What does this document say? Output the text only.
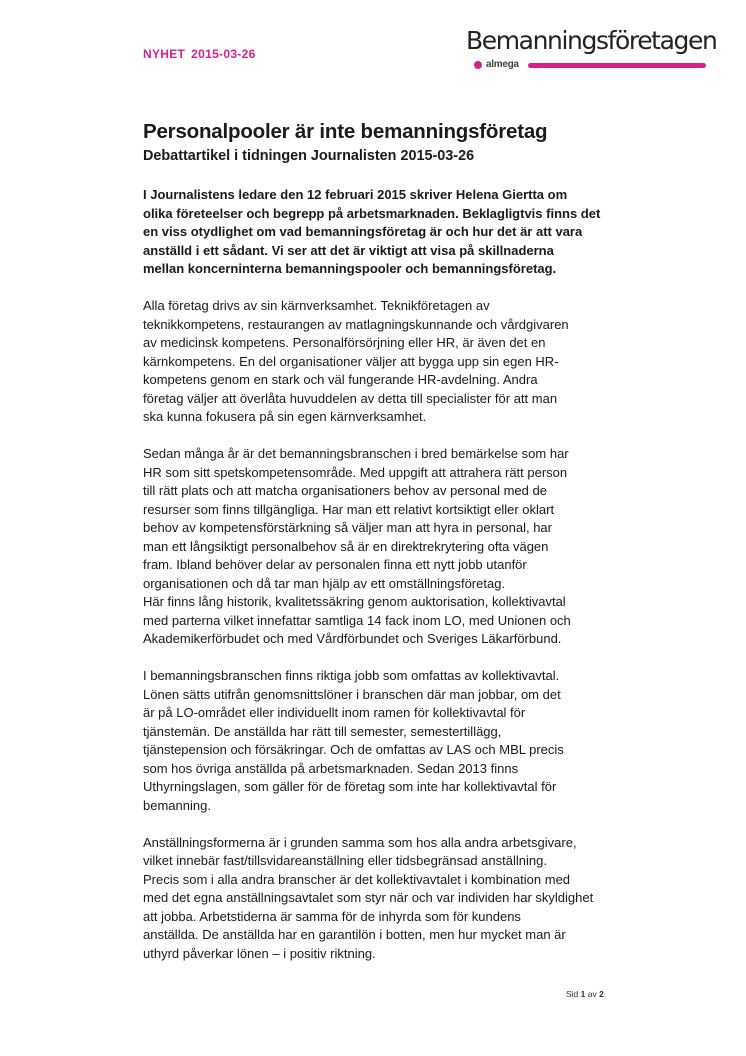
NYHET 2015-03-26	Bemanningsföretagen
almega
Personalpooler är inte bemanningsföretag
Debattartikel i tidningen Journalisten 2015-03-26

I Journalistens ledare den 12 februari 2015 skriver Helena Giertta om
olika företeelser och begrepp på arbetsmarknaden. Beklagligtvis finns det
en viss otydlighet om vad bemanningsföretag är och hur det är att vara
anställd i ett sådant. Vi ser att det är viktigt att visa på skillnaderna
mellan koncerninterna bemanningspooler och bemanningsföretag.

Alla företag drivs av sin kärnverksamhet. Teknikföretagen av
teknikkompetens, restaurangen av matlagningskunnande och vårdgivaren
av medicinsk kompetens. Personalförsörjning eller HR, är även det en
kärnkompetens. En del organisationer väljer att bygga upp sin egen HR-
kompetens genom en stark och väl fungerande HR-avdelning. Andra
företag väljer att överlåta huvuddelen av detta till specialister för att man
ska kunna fokusera på sin egen kärnverksamhet.

Sedan många år är det bemanningsbranschen i bred bemärkelse som har
HR som sitt spetskompetensområde. Med uppgift att attrahera rätt person
till rätt plats och att matcha organisationers behov av personal med de
resurser som finns tillgängliga. Har man ett relativt kortsiktigt eller oklart
behov av kompetensförstärkning så väljer man att hyra in personal, har
man ett långsiktigt personalbehov så är en direktrekrytering ofta vägen
fram. Ibland behöver delar av personalen finna ett nytt jobb utanför
organisationen och då tar man hjälp av ett omställningsföretag.
Här finns lång historik, kvalitetssäkring genom auktorisation, kollektivavtal
med parterna vilket innefattar samtliga 14 fack inom LO, med Unionen och
Akademikerförbudet och med Vårdförbundet och Sveriges Läkarförbund.

I bemanningsbranschen finns riktiga jobb som omfattas av kollektivavtal.
Lönen sätts utifrån genomsnittslöner i branschen där man jobbar, om det
är på LO-området eller individuellt inom ramen för kollektivavtal för
tjänstemän. De anställda har rätt till semester, semestertillägg,
tjänstepension och försäkringar. Och de omfattas av LAS och MBL precis
som hos övriga anställda på arbetsmarknaden. Sedan 2013 finns
Uthyrningslagen, som gäller för de företag som inte har kollektivavtal för
bemanning.

Anställningsformerna är i grunden samma som hos alla andra arbetsgivare,
vilket innebär fast/tillsvidareanställning eller tidsbegränsad anställning.
Precis som i alla andra branscher är det kollektivavtalet i kombination med
med det egna anställningsavtalet som styr när och var individen har skyldighet
att jobba. Arbetstiderna är samma för de inhyrda som för kundens
anställda. De anställda har en garantilön i botten, men hur mycket man är
uthyrd påverkar lönen – i positiv riktning.

Sid 1 av 2
